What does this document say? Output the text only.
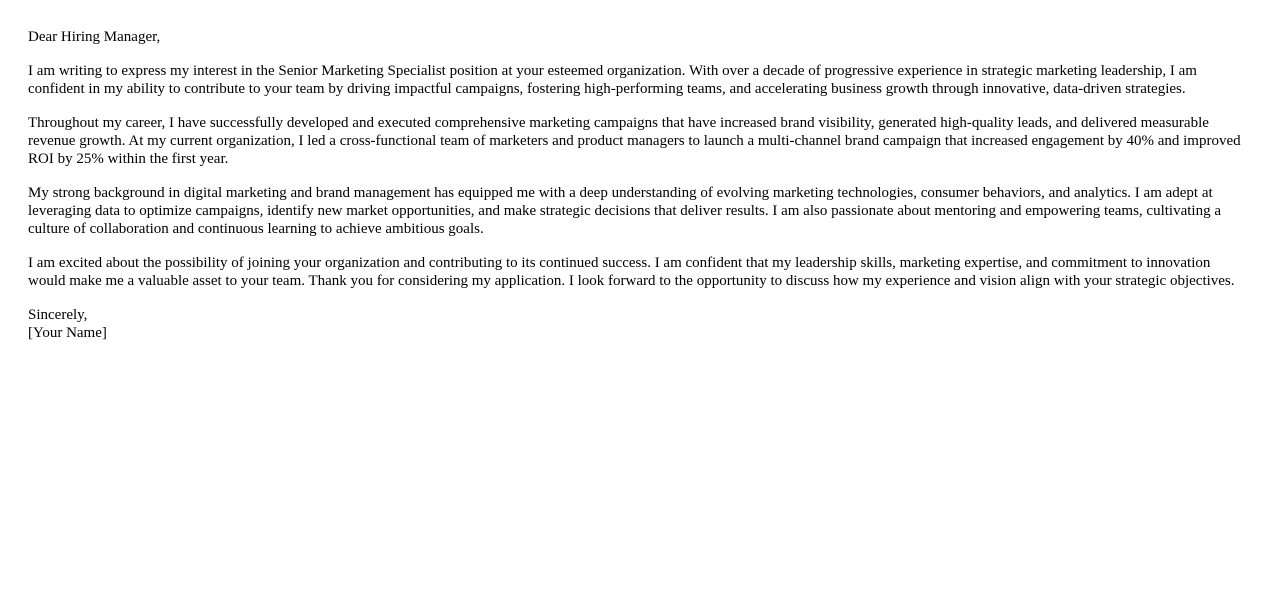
Dear Hiring Manager,

I am writing to express my interest in the Senior Marketing Specialist position at your esteemed organization. With over a decade of progressive experience in strategic marketing leadership, I am confident in my ability to contribute to your team by driving impactful campaigns, fostering high-performing teams, and accelerating business growth through innovative, data-driven strategies.

Throughout my career, I have successfully developed and executed comprehensive marketing campaigns that have increased brand visibility, generated high-quality leads, and delivered measurable revenue growth. At my current organization, I led a cross-functional team of marketers and product managers to launch a multi-channel brand campaign that increased engagement by 40% and improved ROI by 25% within the first year.

My strong background in digital marketing and brand management has equipped me with a deep understanding of evolving marketing technologies, consumer behaviors, and analytics. I am adept at leveraging data to optimize campaigns, identify new market opportunities, and make strategic decisions that deliver results. I am also passionate about mentoring and empowering teams, cultivating a culture of collaboration and continuous learning to achieve ambitious goals.

I am excited about the possibility of joining your organization and contributing to its continued success. I am confident that my leadership skills, marketing expertise, and commitment to innovation would make me a valuable asset to your team. Thank you for considering my application. I look forward to the opportunity to discuss how my experience and vision align with your strategic objectives.

Sincerely,
[Your Name]
